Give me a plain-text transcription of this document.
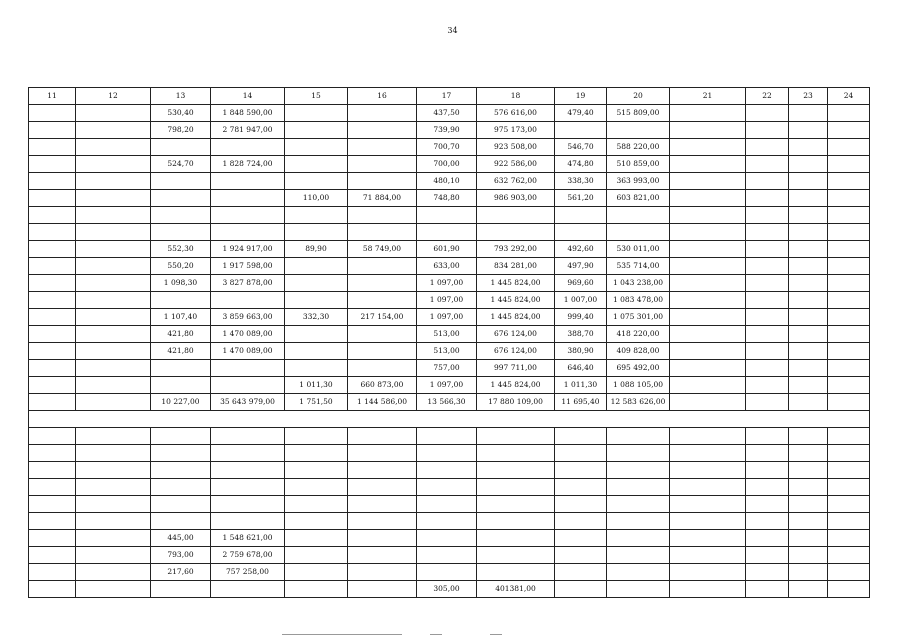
34
11	12	13	14	15	16	17	18	19	20	21	22	23	24
		530,40	1 848 590,00			437,50	576 616,00	479,40	515 809,00				
		798,20	2 781 947,00			739,90	975 173,00						
						700,70	923 508,00	546,70	588 220,00				
		524,70	1 828 724,00			700,00	922 586,00	474,80	510 859,00				
						480,10	632 762,00	338,30	363 993,00				
				110,00	71 884,00	748,80	986 903,00	561,20	603 821,00				

		552,30	1 924 917,00	89,90	58 749,00	601,90	793 292,00	492,60	530 011,00				
		550,20	1 917 598,00			633,00	834 281,00	497,90	535 714,00				
		1 098,30	3 827 878,00			1 097,00	1 445 824,00	969,60	1 043 238,00				
						1 097,00	1 445 824,00	1 007,00	1 083 478,00				
		1 107,40	3 859 663,00	332,30	217 154,00	1 097,00	1 445 824,00	999,40	1 075 301,00				
		421,80	1 470 089,00			513,00	676 124,00	388,70	418 220,00				
		421,80	1 470 089,00			513,00	676 124,00	380,90	409 828,00				
						757,00	997 711,00	646,40	695 492,00				
				1 011,30	660 873,00	1 097,00	1 445 824,00	1 011,30	1 088 105,00				
		10 227,00	35 643 979,00	1 751,50	1 144 586,00	13 566,30	17 880 109,00	11 695,40	12 583 626,00				

		445,00	1 548 621,00										
		793,00	2 759 678,00										
		217,60	757 258,00										
						305,00	401381,00						
